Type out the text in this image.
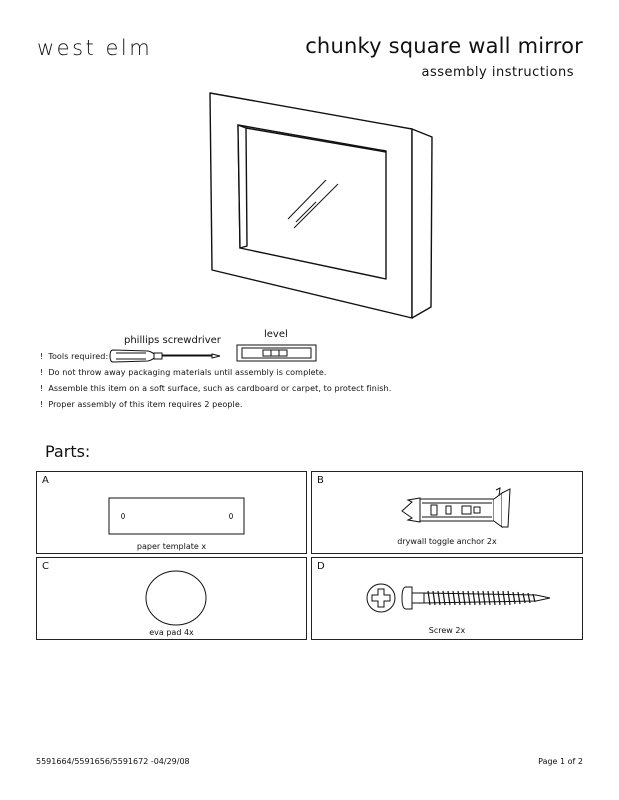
west elm	chunky square wall mirror
assembly instructions
phillips screwdriver
level
! Tools required:
! Do not throw away packaging materials until assembly is complete.
! Assemble this item on a soft surface, such as cardboard or carpet, to protect finish.
! Proper assembly of this item requires 2 people.
Parts:
A
paper template x
B
drywall toggle anchor 2x
C
eva pad 4x
D
Screw 2x
5591664/5591656/5591672 -04/29/08	Page 1 of 2
